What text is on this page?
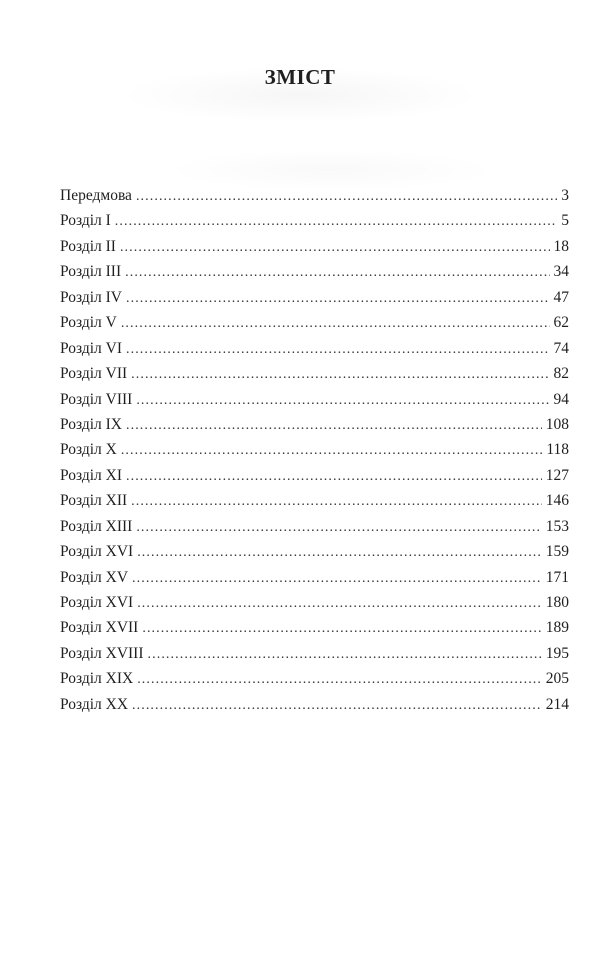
ЗМІСТ
Передмова . . .	3
Розділ I . . .	5
Розділ II . . .	18
Розділ III . . .	34
Розділ IV . . .	47
Розділ V . . .	62
Розділ VI . . .	74
Розділ VII . . .	82
Розділ VIII . . .	94
Розділ IX . . .	108
Розділ X . . .	118
Розділ XI . . .	127
Розділ XII . . .	146
Розділ XIII . . .	153
Розділ XVI . . .	159
Розділ XV . . .	171
Розділ XVI . . .	180
Розділ XVII . . .	189
Розділ XVIII . . .	195
Розділ XIX . . .	205
Розділ XX . . .	214
